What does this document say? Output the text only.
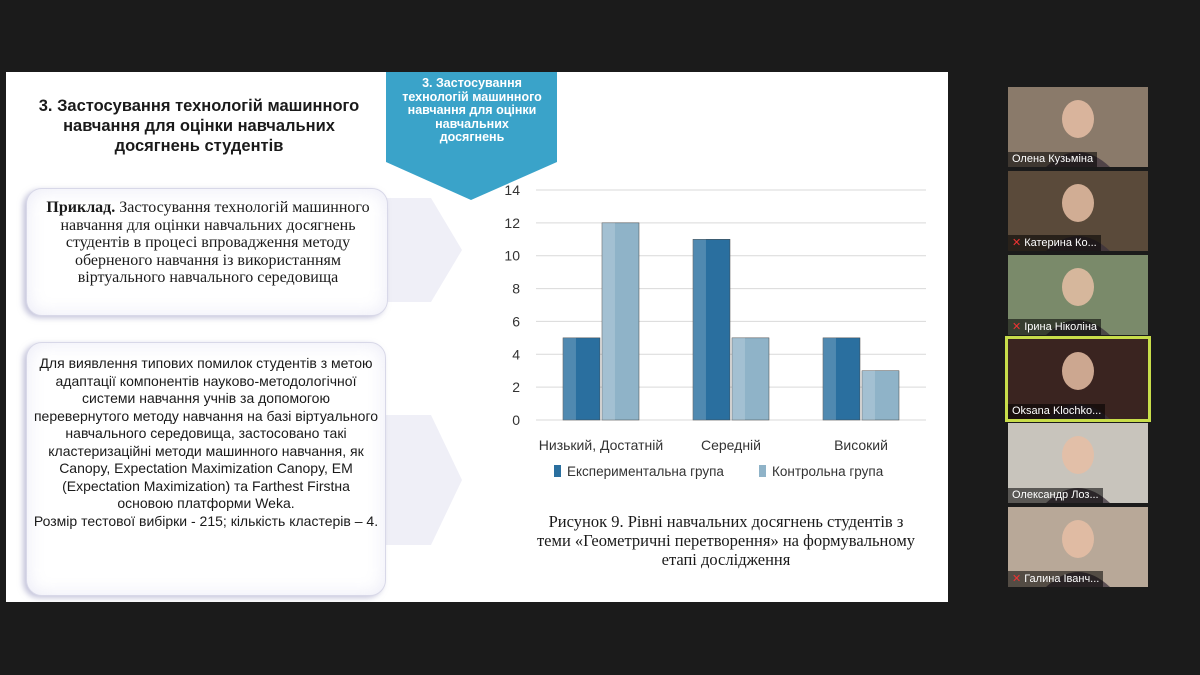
3. Застосування технологій машинного навчання для оцінки навчальних досягнень студентів
3. Застосування технологій машинного навчання для оцінки навчальних досягнень
Приклад. Застосування технологій машинного навчання для оцінки навчальних досягнень студентів в процесі впровадження методу оберненого навчання із використанням віртуального навчального середовища
Для виявлення типових помилок студентів з метою адаптації компонентів науково-методологічної системи навчання учнів за допомогою перевернутого методу навчання на базі віртуального навчального середовища, застосовано такі кластеризаційні методи машинного навчання, як Canopy, Expectation Maximization Canopy, EM (Expectation Maximization) та Farthest Firstна основою платформи Weka.
Розмір тестової вибірки - 215; кількість кластерів – 4.
0
2
4
6
8
10
12
14
Низький, Достатній	Середній	Високий
Експериментальна група	Контрольна група
Рисунок 9. Рівні навчальних досягнень студентів з теми «Геометричні перетворення» на формувальному етапі дослідження
Олена Кузьміна
✕ Катерина Ко...
✕ Ірина Ніколіна
Oksana Klochko...
Олександр Лоз...
✕ Галина Іванч...
